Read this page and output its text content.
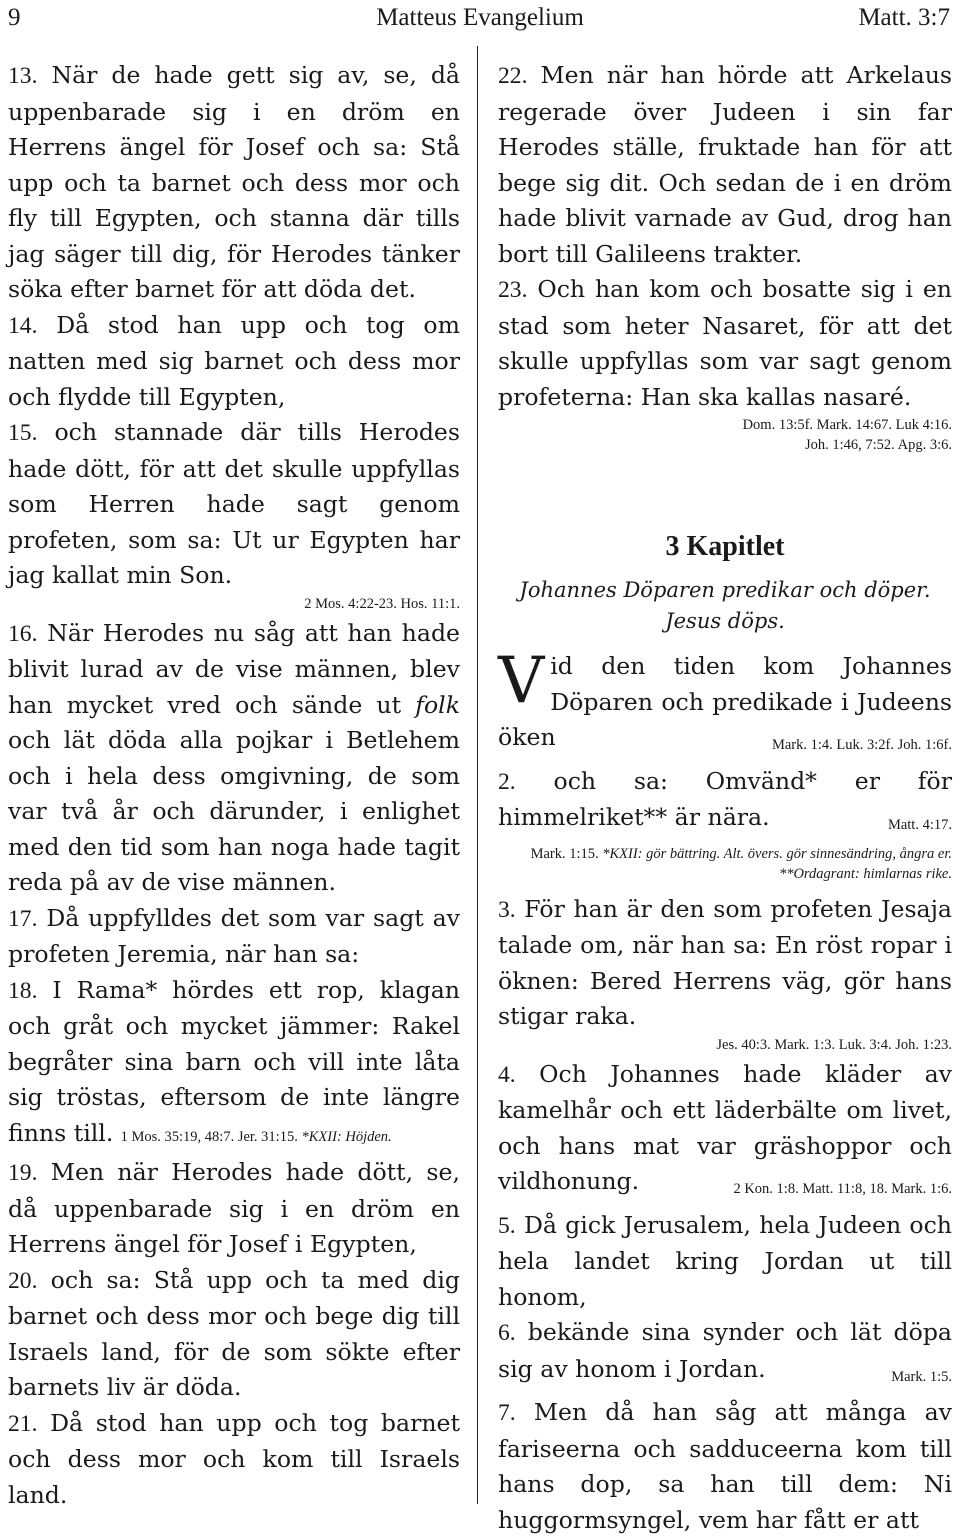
9	Matteus Evangelium	Matt. 3:7

13. När de hade gett sig av, se, då uppenbarade sig i en dröm en Herrens ängel för Josef och sa: Stå upp och ta barnet och dess mor och fly till Egypten, och stanna där tills jag säger till dig, för Herodes tänker söka efter barnet för att döda det.

14. Då stod han upp och tog om natten med sig barnet och dess mor och flydde till Egypten,

15. och stannade där tills Herodes hade dött, för att det skulle uppfyllas som Herren hade sagt genom profeten, som sa: Ut ur Egypten har jag kallat min Son.

2 Mos. 4:22-23. Hos. 11:1.

16. När Herodes nu såg att han hade blivit lurad av de vise männen, blev han mycket vred och sände ut folk och lät döda alla pojkar i Betlehem och i hela dess omgivning, de som var två år och därunder, i enlighet med den tid som han noga hade tagit reda på av de vise männen.

17. Då uppfylldes det som var sagt av profeten Jeremia, när han sa:

18. I Rama* hördes ett rop, klagan och gråt och mycket jämmer: Rakel begråter sina barn och vill inte låta sig tröstas, eftersom de inte längre finns till. 1 Mos. 35:19, 48:7. Jer. 31:15. *KXII: Höjden.

19. Men när Herodes hade dött, se, då uppenbarade sig i en dröm en Herrens ängel för Josef i Egypten,

20. och sa: Stå upp och ta med dig barnet och dess mor och bege dig till Israels land, för de som sökte efter barnets liv är döda.

21. Då stod han upp och tog barnet och dess mor och kom till Israels land.

22. Men när han hörde att Arkelaus regerade över Judeen i sin far Herodes ställe, fruktade han för att bege sig dit. Och sedan de i en dröm hade blivit varnade av Gud, drog han bort till Galileens trakter.

23. Och han kom och bosatte sig i en stad som heter Nasaret, för att det skulle uppfyllas som var sagt genom profeterna: Han ska kallas nasaré.

Dom. 13:5f. Mark. 14:67. Luk 4:16.

Joh. 1:46, 7:52. Apg. 3:6.

3 Kapitlet
Johannes Döparen predikar och döper.
Jesus döps.

Vid den tiden kom Johannes Döparen och predikade i Judeens öken	Mark. 1:4. Luk. 3:2f. Joh. 1:6f.

2. och sa: Omvänd* er för himmelriket** är nära.	Matt. 4:17.

Mark. 1:15. *KXII: gör bättring. Alt. övers. gör sinnesändring, ångra er. **Ordagrant: himlarnas rike.

3. För han är den som profeten Jesaja talade om, när han sa: En röst ropar i öknen: Bered Herrens väg, gör hans stigar raka.

Jes. 40:3. Mark. 1:3. Luk. 3:4. Joh. 1:23.

4. Och Johannes hade kläder av kamelhår och ett läderbälte om livet, och hans mat var gräshoppor och vildhonung.	2 Kon. 1:8. Matt. 11:8, 18. Mark. 1:6.

5. Då gick Jerusalem, hela Judeen och hela landet kring Jordan ut till honom,

6. bekände sina synder och lät döpa sig av honom i Jordan.	Mark. 1:5.

7. Men då han såg att många av fariseerna och sadduceerna kom till hans dop, sa han till dem: Ni huggormsyngel, vem har fått er att
